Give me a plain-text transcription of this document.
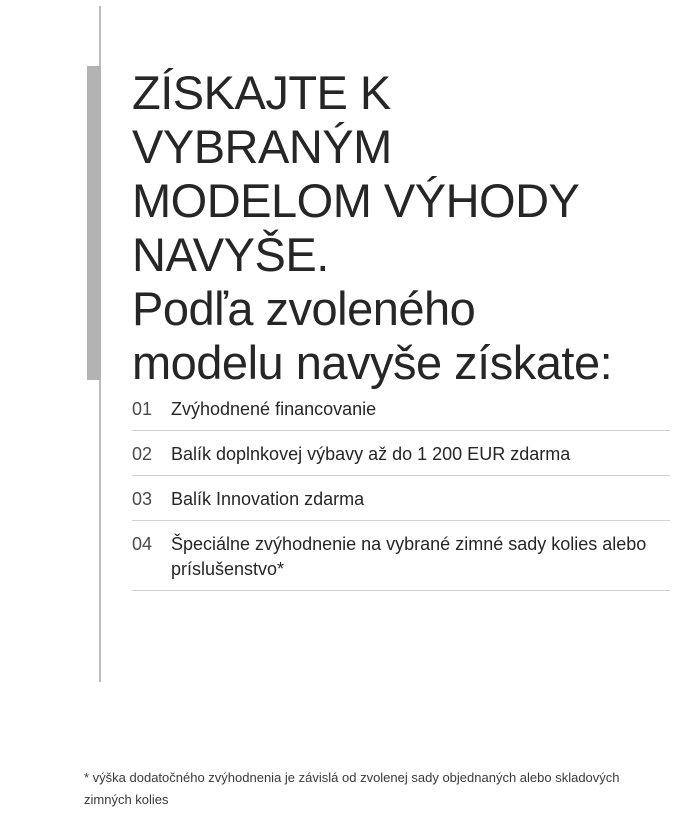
ZÍSKAJTE K
VYBRANÝM
MODELOM VÝHODY
NAVYŠE.
Podľa zvoleného
modelu navyše získate:
01	Zvýhodnené financovanie
02	Balík doplnkovej výbavy až do 1 200 EUR zdarma
03	Balík Innovation zdarma
04	Špeciálne zvýhodnenie na vybrané zimné sady kolies alebo príslušenstvo*

* výška dodatočného zvýhodnenia je závislá od zvolenej sady objednaných alebo skladových zimných kolies
